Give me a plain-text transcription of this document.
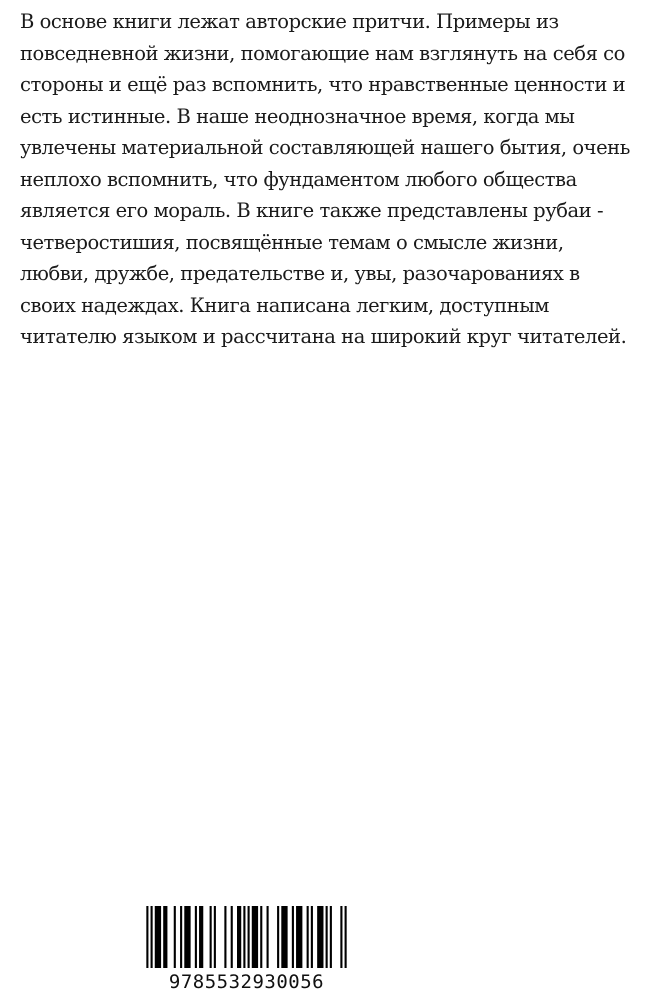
В основе книги лежат авторские притчи. Примеры из
повседневной жизни, помогающие нам взглянуть на себя со
стороны и ещё раз вспомнить, что нравственные ценности и
есть истинные. В наше неоднозначное время, когда мы
увлечены материальной составляющей нашего бытия, очень
неплохо вспомнить, что фундаментом любого общества
является его мораль. В книге также представлены рубаи -
четверостишия, посвящённые темам о смысле жизни,
любви, дружбе, предательстве и, увы, разочарованиях в
своих надеждах. Книга написана легким, доступным
читателю языком и рассчитана на широкий круг читателей.
9785532930056
